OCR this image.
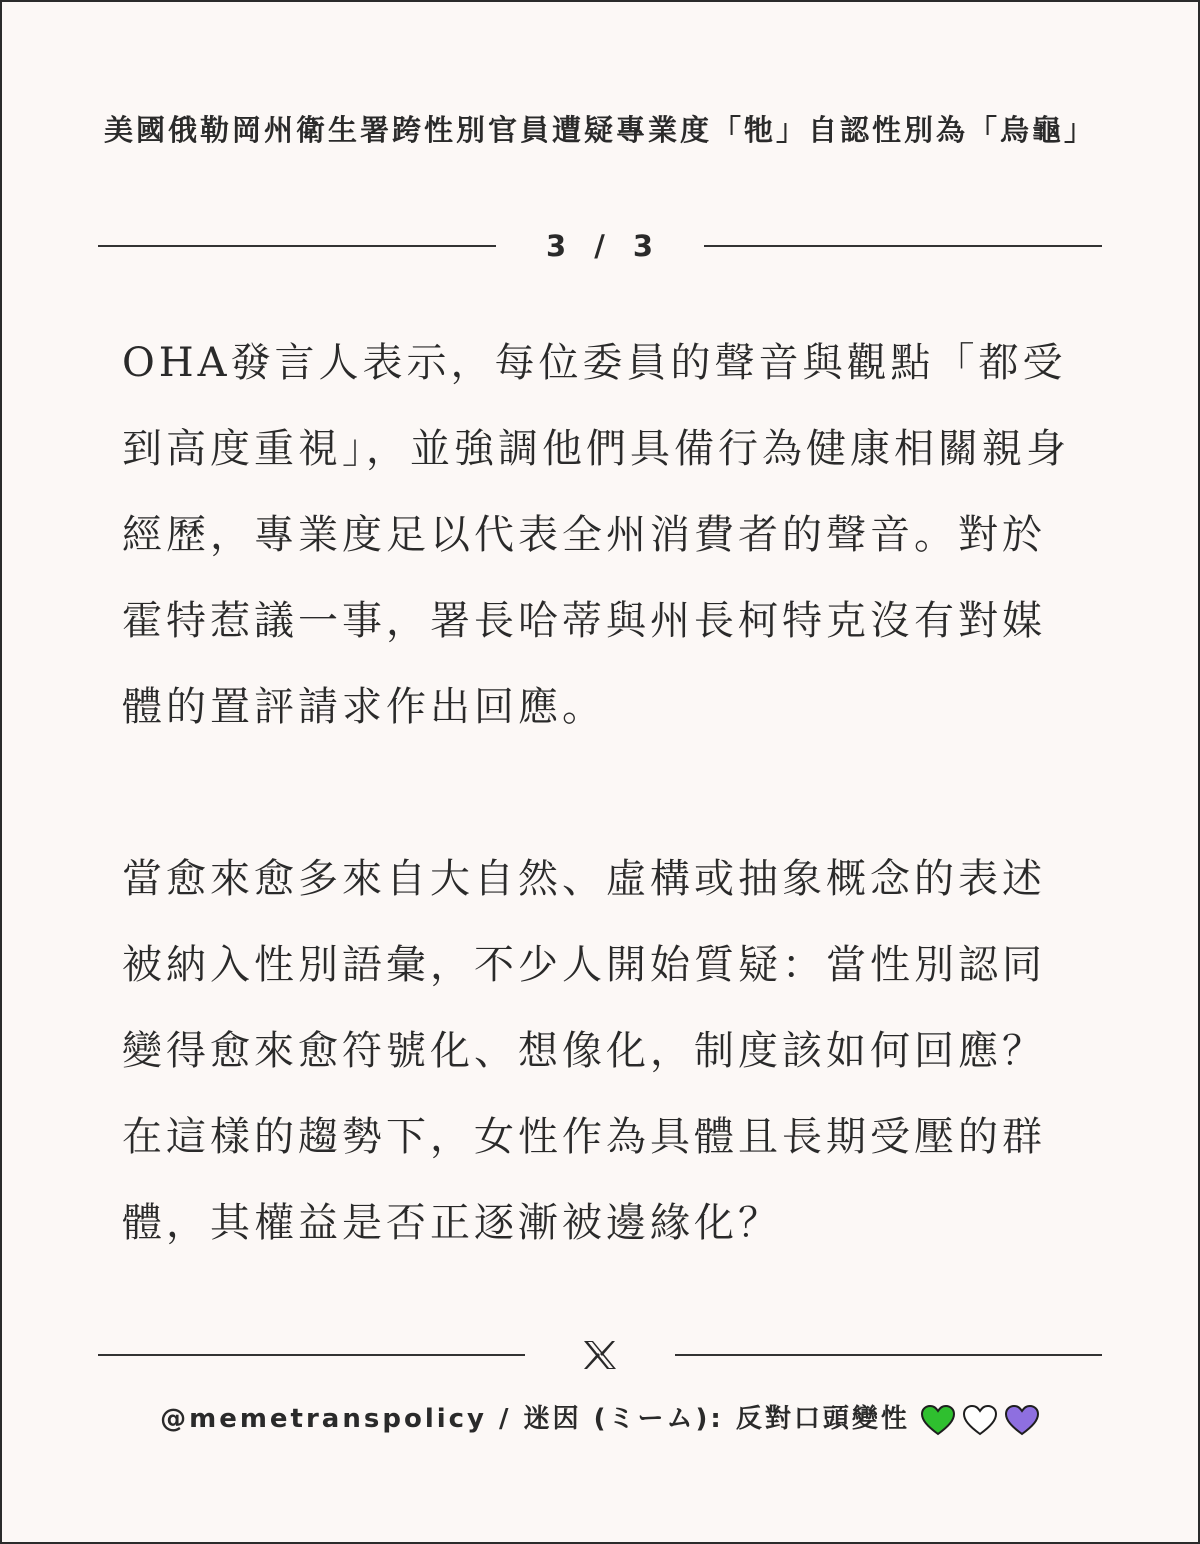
美國俄勒岡州衛生署跨性別官員遭疑專業度「牠」自認性別為「烏龜」
3 / 3

OHA發言人表示，每位委員的聲音與觀點「都受到高度重視」，並強調他們具備行為健康相關親身經歷，專業度足以代表全州消費者的聲音。對於霍特惹議一事，署長哈蒂與州長柯特克沒有對媒體的置評請求作出回應。

當愈來愈多來自大自然、虛構或抽象概念的表述被納入性別語彙，不少人開始質疑：當性別認同變得愈來愈符號化、想像化，制度該如何回應？在這樣的趨勢下，女性作為具體且長期受壓的群體，其權益是否正逐漸被邊緣化？

@memetranspolicy / 迷因 (ミーム): 反對口頭變性
